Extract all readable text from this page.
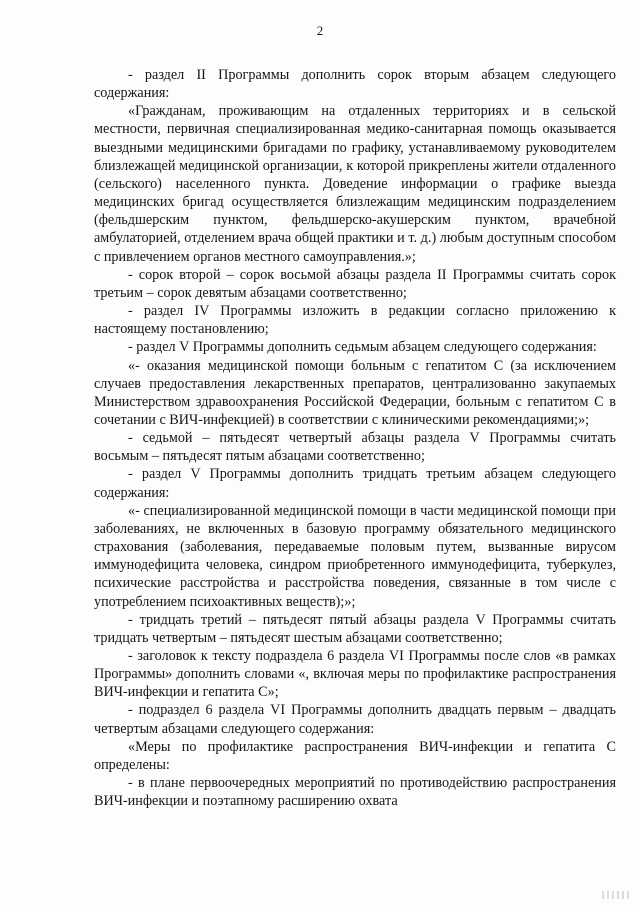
2

- раздел II Программы дополнить сорок вторым абзацем следующего содержания:

«Гражданам, проживающим на отдаленных территориях и в сельской местности, первичная специализированная медико-санитарная помощь оказывается выездными медицинскими бригадами по графику, устанавливаемому руководителем близлежащей медицинской организации, к которой прикреплены жители отдаленного (сельского) населенного пункта. Доведение информации о графике выезда медицинских бригад осуществляется близлежащим медицинским подразделением (фельдшерским пунктом, фельдшерско-акушерским пунктом, врачебной амбулаторией, отделением врача общей практики и т. д.) любым доступным способом с привлечением органов местного самоуправления.»;

- сорок второй – сорок восьмой абзацы раздела II Программы считать сорок третьим – сорок девятым абзацами соответственно;

- раздел IV Программы изложить в редакции согласно приложению к настоящему постановлению;

- раздел V Программы дополнить седьмым абзацем следующего содержания:

«- оказания медицинской помощи больным с гепатитом С (за исключением случаев предоставления лекарственных препаратов, централизованно закупаемых Министерством здравоохранения Российской Федерации, больным с гепатитом С в сочетании с ВИЧ-инфекцией) в соответствии с клиническими рекомендациями;»;

- седьмой – пятьдесят четвертый абзацы раздела V Программы считать восьмым – пятьдесят пятым абзацами соответственно;

- раздел V Программы дополнить тридцать третьим абзацем следующего содержания:

«- специализированной медицинской помощи в части медицинской помощи при заболеваниях, не включенных в базовую программу обязательного медицинского страхования (заболевания, передаваемые половым путем, вызванные вирусом иммунодефицита человека, синдром приобретенного иммунодефицита, туберкулез, психические расстройства и расстройства поведения, связанные в том числе с употреблением психоактивных веществ);»;

- тридцать третий – пятьдесят пятый абзацы раздела V Программы считать тридцать четвертым – пятьдесят шестым абзацами соответственно;

- заголовок к тексту подраздела 6 раздела VI Программы после слов «в рамках Программы» дополнить словами «, включая меры по профилактике распространения ВИЧ-инфекции и гепатита С»;

- подраздел 6 раздела VI Программы дополнить двадцать первым – двадцать четвертым абзацами следующего содержания:

«Меры по профилактике распространения ВИЧ-инфекции и гепатита С определены:

- в плане первоочередных мероприятий по противодействию распространения ВИЧ-инфекции и поэтапному расширению охвата
